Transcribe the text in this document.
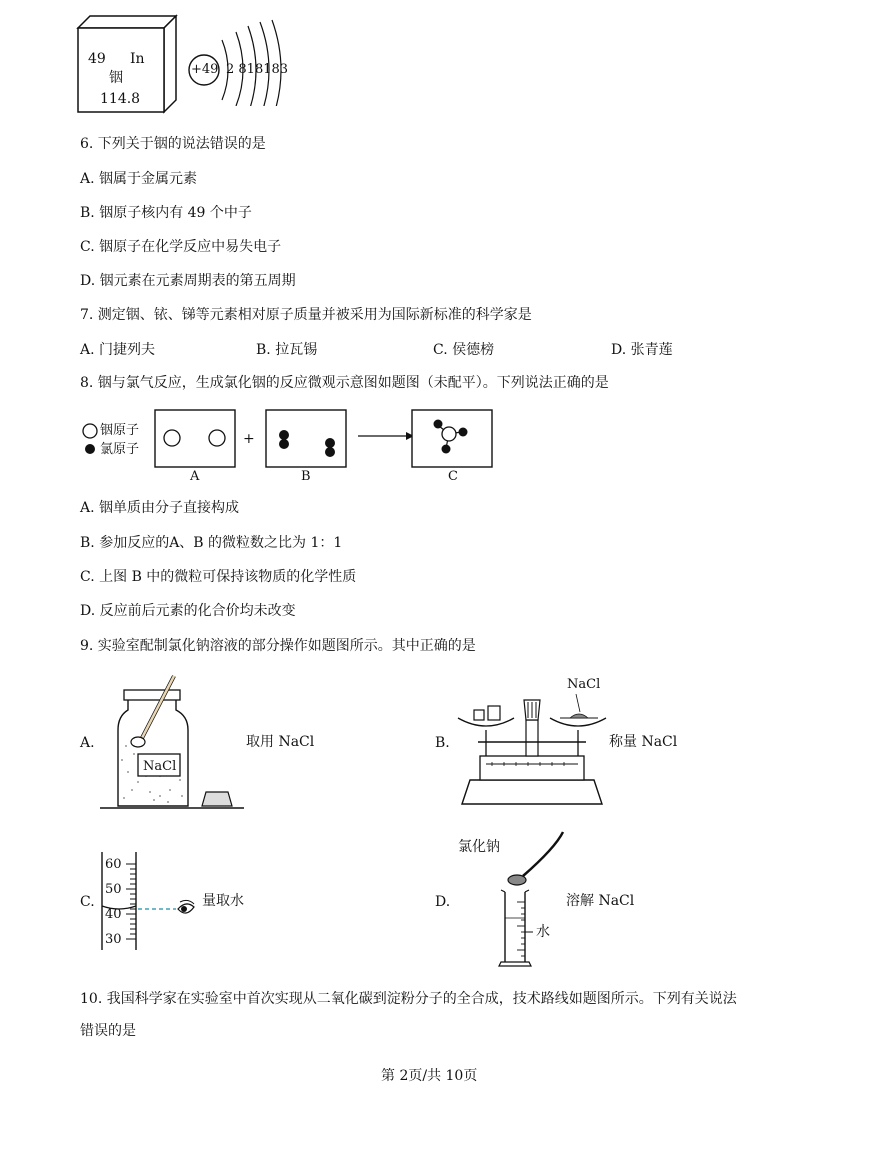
49 In
铟
114.8
+49 2 818183
6. 下列关于铟的说法错误的是
A. 铟属于金属元素
B. 铟原子核内有 49 个中子
C. 铟原子在化学反应中易失电子
D. 铟元素在元素周期表的第五周期
7. 测定铟、铱、锑等元素相对原子质量并被采用为国际新标准的科学家是
A. 门捷列夫	B. 拉瓦锡	C. 侯德榜	D. 张青莲
8. 铟与氯气反应，生成氯化铟的反应微观示意图如题图（未配平）。下列说法正确的是
铟原子
氯原子
+
A	B	C
A. 铟单质由分子直接构成
B. 参加反应的A、B 的微粒数之比为 1：1
C. 上图 B 中的微粒可保持该物质的化学性质
D. 反应前后元素的化合价均未改变
9. 实验室配制氯化钠溶液的部分操作如题图所示。其中正确的是
A.
NaCl
取用 NaCl	B.
NaCl
称量 NaCl
C.
60
50
40
30
量取水	D.
氯化钠
水
溶解 NaCl
10. 我国科学家在实验室中首次实现从二氧化碳到淀粉分子的全合成，技术路线如题图所示。下列有关说法
错误的是
第 2页/共 10页
